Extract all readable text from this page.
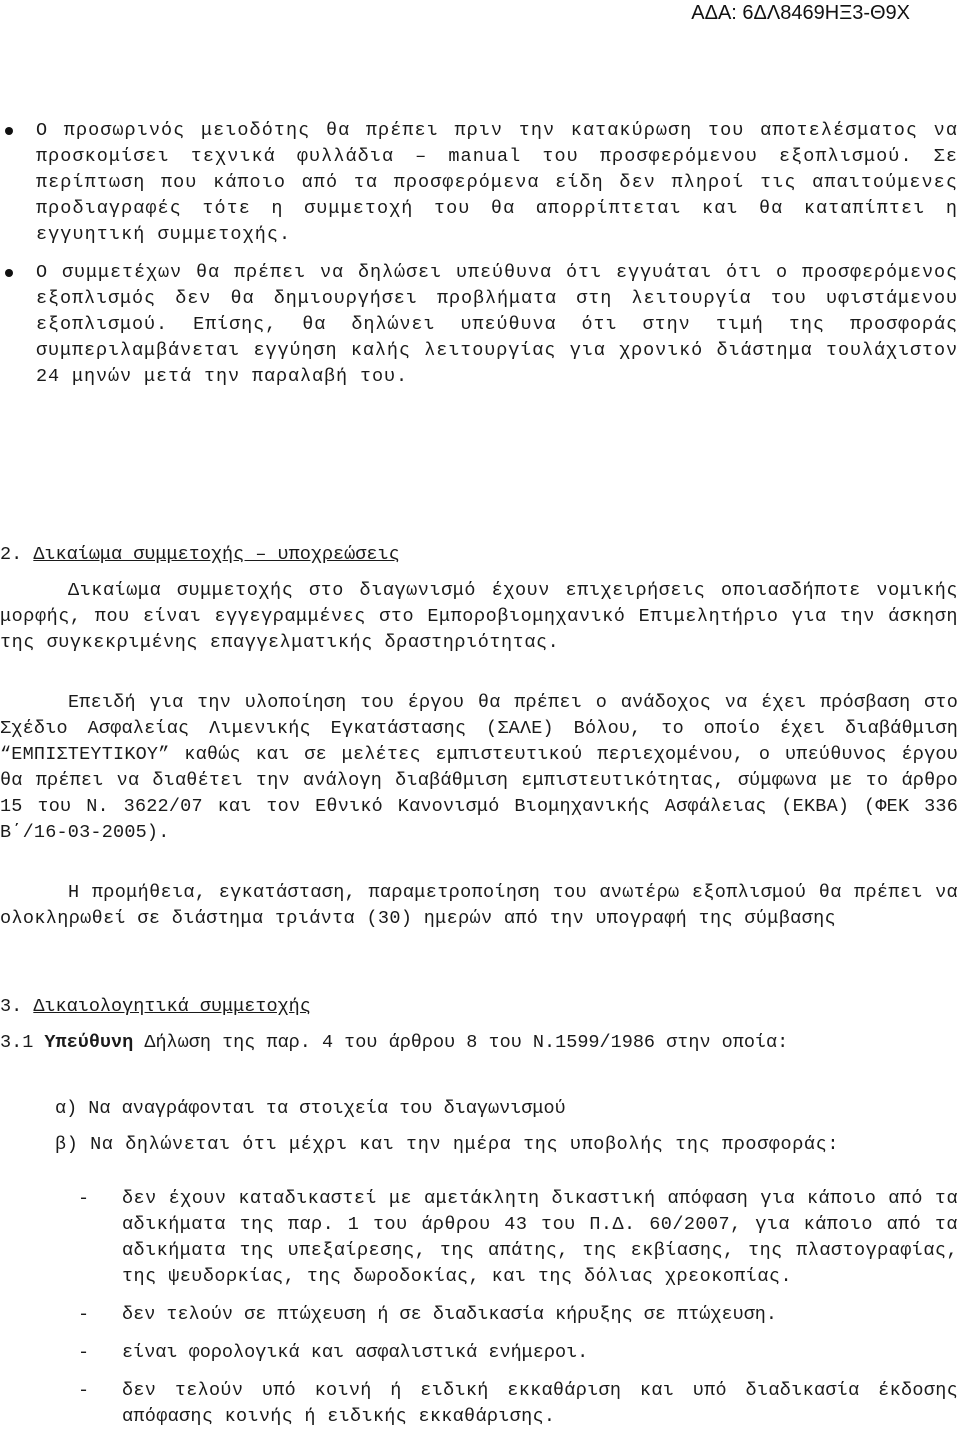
ΑΔΑ: 6ΔΛ8469ΗΞ3-Θ9Χ
Ο προσωρινός μειοδότης θα πρέπει πριν την κατακύρωση του αποτελέσματος να προσκομίσει τεχνικά φυλλάδια – manual του προσφερόμενου εξοπλισμού. Σε περίπτωση που κάποιο από τα προσφερόμενα είδη δεν πληροί τις απαιτούμενες προδιαγραφές τότε η συμμετοχή του θα απορρίπτεται και θα καταπίπτει η εγγυητική συμμετοχής.
Ο συμμετέχων θα πρέπει να δηλώσει υπεύθυνα ότι εγγυάται ότι ο προσφερόμενος εξοπλισμός δεν θα δημιουργήσει προβλήματα στη λειτουργία του υφιστάμενου εξοπλισμού. Επίσης, θα δηλώνει υπεύθυνα ότι στην τιμή της προσφοράς συμπεριλαμβάνεται εγγύηση καλής λειτουργίας για χρονικό διάστημα τουλάχιστον 24 μηνών μετά την παραλαβή του.
2. Δικαίωμα συμμετοχής – υποχρεώσεις
Δικαίωμα συμμετοχής στο διαγωνισμό έχουν επιχειρήσεις οποιασδήποτε νομικής μορφής, που είναι εγγεγραμμένες στο Εμποροβιομηχανικό Επιμελητήριο για την άσκηση της συγκεκριμένης επαγγελματικής δραστηριότητας.
Επειδή για την υλοποίηση του έργου θα πρέπει ο ανάδοχος να έχει πρόσβαση στο Σχέδιο Ασφαλείας Λιμενικής Εγκατάστασης (ΣΑΛΕ) Βόλου, το οποίο έχει διαβάθμιση “ΕΜΠΙΣΤΕΥΤΙΚΟΥ” καθώς και σε μελέτες εμπιστευτικού περιεχομένου, ο υπεύθυνος έργου θα πρέπει να διαθέτει την ανάλογη διαβάθμιση εμπιστευτικότητας, σύμφωνα με το άρθρο 15 του Ν. 3622/07 και τον Εθνικό Κανονισμό Βιομηχανικής Ασφάλειας (ΕΚΒΑ) (ΦΕΚ 336 Β΄/16-03-2005).
Η προμήθεια, εγκατάσταση, παραμετροποίηση του ανωτέρω εξοπλισμού θα πρέπει να ολοκληρωθεί σε διάστημα τριάντα (30) ημερών από την υπογραφή της σύμβασης
3. Δικαιολογητικά συμμετοχής
3.1 Υπεύθυνη Δήλωση της παρ. 4 του άρθρου 8 του Ν.1599/1986 στην οποία:
α) Να αναγράφονται τα στοιχεία του διαγωνισμού
β) Να δηλώνεται ότι μέχρι και την ημέρα της υποβολής της προσφοράς:
- δεν έχουν καταδικαστεί με αμετάκλητη δικαστική απόφαση για κάποιο από τα αδικήματα της παρ. 1 του άρθρου 43 του Π.Δ. 60/2007, για κάποιο από τα αδικήματα της υπεξαίρεσης, της απάτης, της εκβίασης, της πλαστογραφίας, της ψευδορκίας, της δωροδοκίας, και της δόλιας χρεοκοπίας.
- δεν τελούν σε πτώχευση ή σε διαδικασία κήρυξης σε πτώχευση.
- είναι φορολογικά και ασφαλιστικά ενήμεροι.
- δεν τελούν υπό κοινή ή ειδική εκκαθάριση και υπό διαδικασία έκδοσης απόφασης κοινής ή ειδικής εκκαθάρισης.
